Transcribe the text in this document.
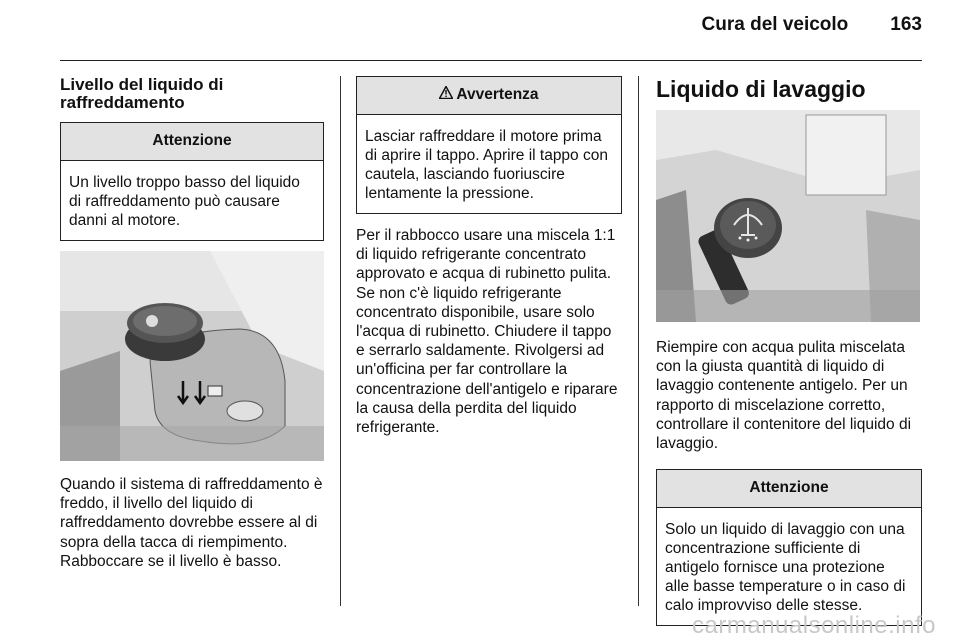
Cura del veicolo 163
Livello del liquido di raffreddamento
Attenzione
Un livello troppo basso del liquido di raffreddamento può causare danni al motore.
Quando il sistema di raffreddamento è freddo, il livello del liquido di raffreddamento dovrebbe essere al di sopra della tacca di riempimento. Rabboccare se il livello è basso.
Avvertenza
Lasciar raffreddare il motore prima di aprire il tappo. Aprire il tappo con cautela, lasciando fuoriuscire lentamente la pressione.
Per il rabbocco usare una miscela 1:1 di liquido refrigerante concentrato approvato e acqua di rubinetto pulita. Se non c'è liquido refrigerante concentrato disponibile, usare solo l'acqua di rubinetto. Chiudere il tappo e serrarlo saldamente. Rivolgersi ad un'officina per far controllare la concentrazione dell'antigelo e riparare la causa della perdita del liquido refrigerante.
Liquido di lavaggio
Riempire con acqua pulita miscelata con la giusta quantità di liquido di lavaggio contenente antigelo. Per un rapporto di miscelazione corretto, controllare il contenitore del liquido di lavaggio.
Attenzione
Solo un liquido di lavaggio con una concentrazione sufficiente di antigelo fornisce una protezione alle basse temperature o in caso di calo improvviso delle stesse.
carmanualsonline.info
